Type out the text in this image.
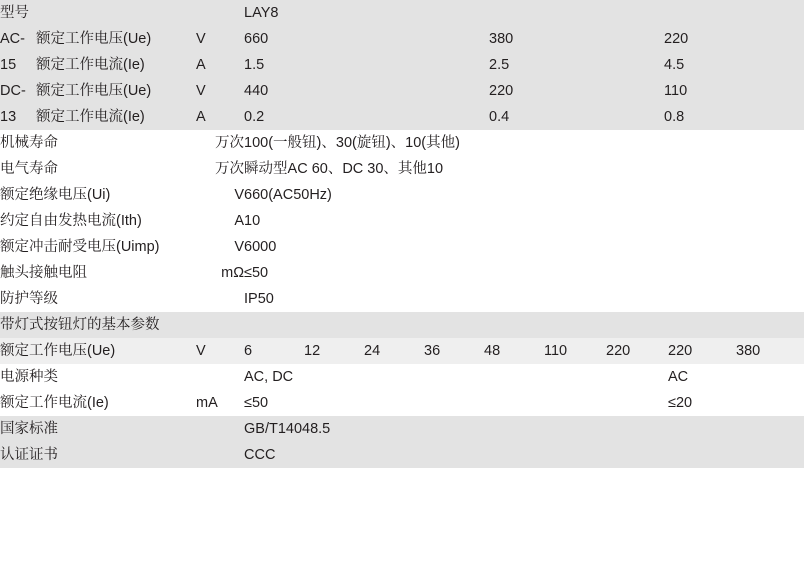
型号			LAY8		
AC-15	额定工作电压(Ue)	V	660	380	220
	额定工作电流(Ie)	A	1.5	2.5	4.5
DC-13	额定工作电压(Ue)	V	440	220	110
	额定工作电流(Ie)	A	0.2	0.4	0.8
机械寿命		万次	100(一般钮)、30(旋钮)、10(其他)		
电气寿命		万次	瞬动型AC 60、DC 30、其他10		
额定绝缘电压(Ui)		V	660(AC50Hz)		
约定自由发热电流(Ith)		A	10		
额定冲击耐受电压(Uimp)		V	6000		
触头接触电阻		mΩ	≤50		
防护等级			IP50		
带灯式按钮灯的基本参数										
额定工作电压(Ue)	V	6	12	24	36	48	110	220	220	380
电源种类		AC, DC							AC	
额定工作电流(Ie)	mA	≤50							≤20	
国家标准		GB/T14048.5
认证证书		CCC
